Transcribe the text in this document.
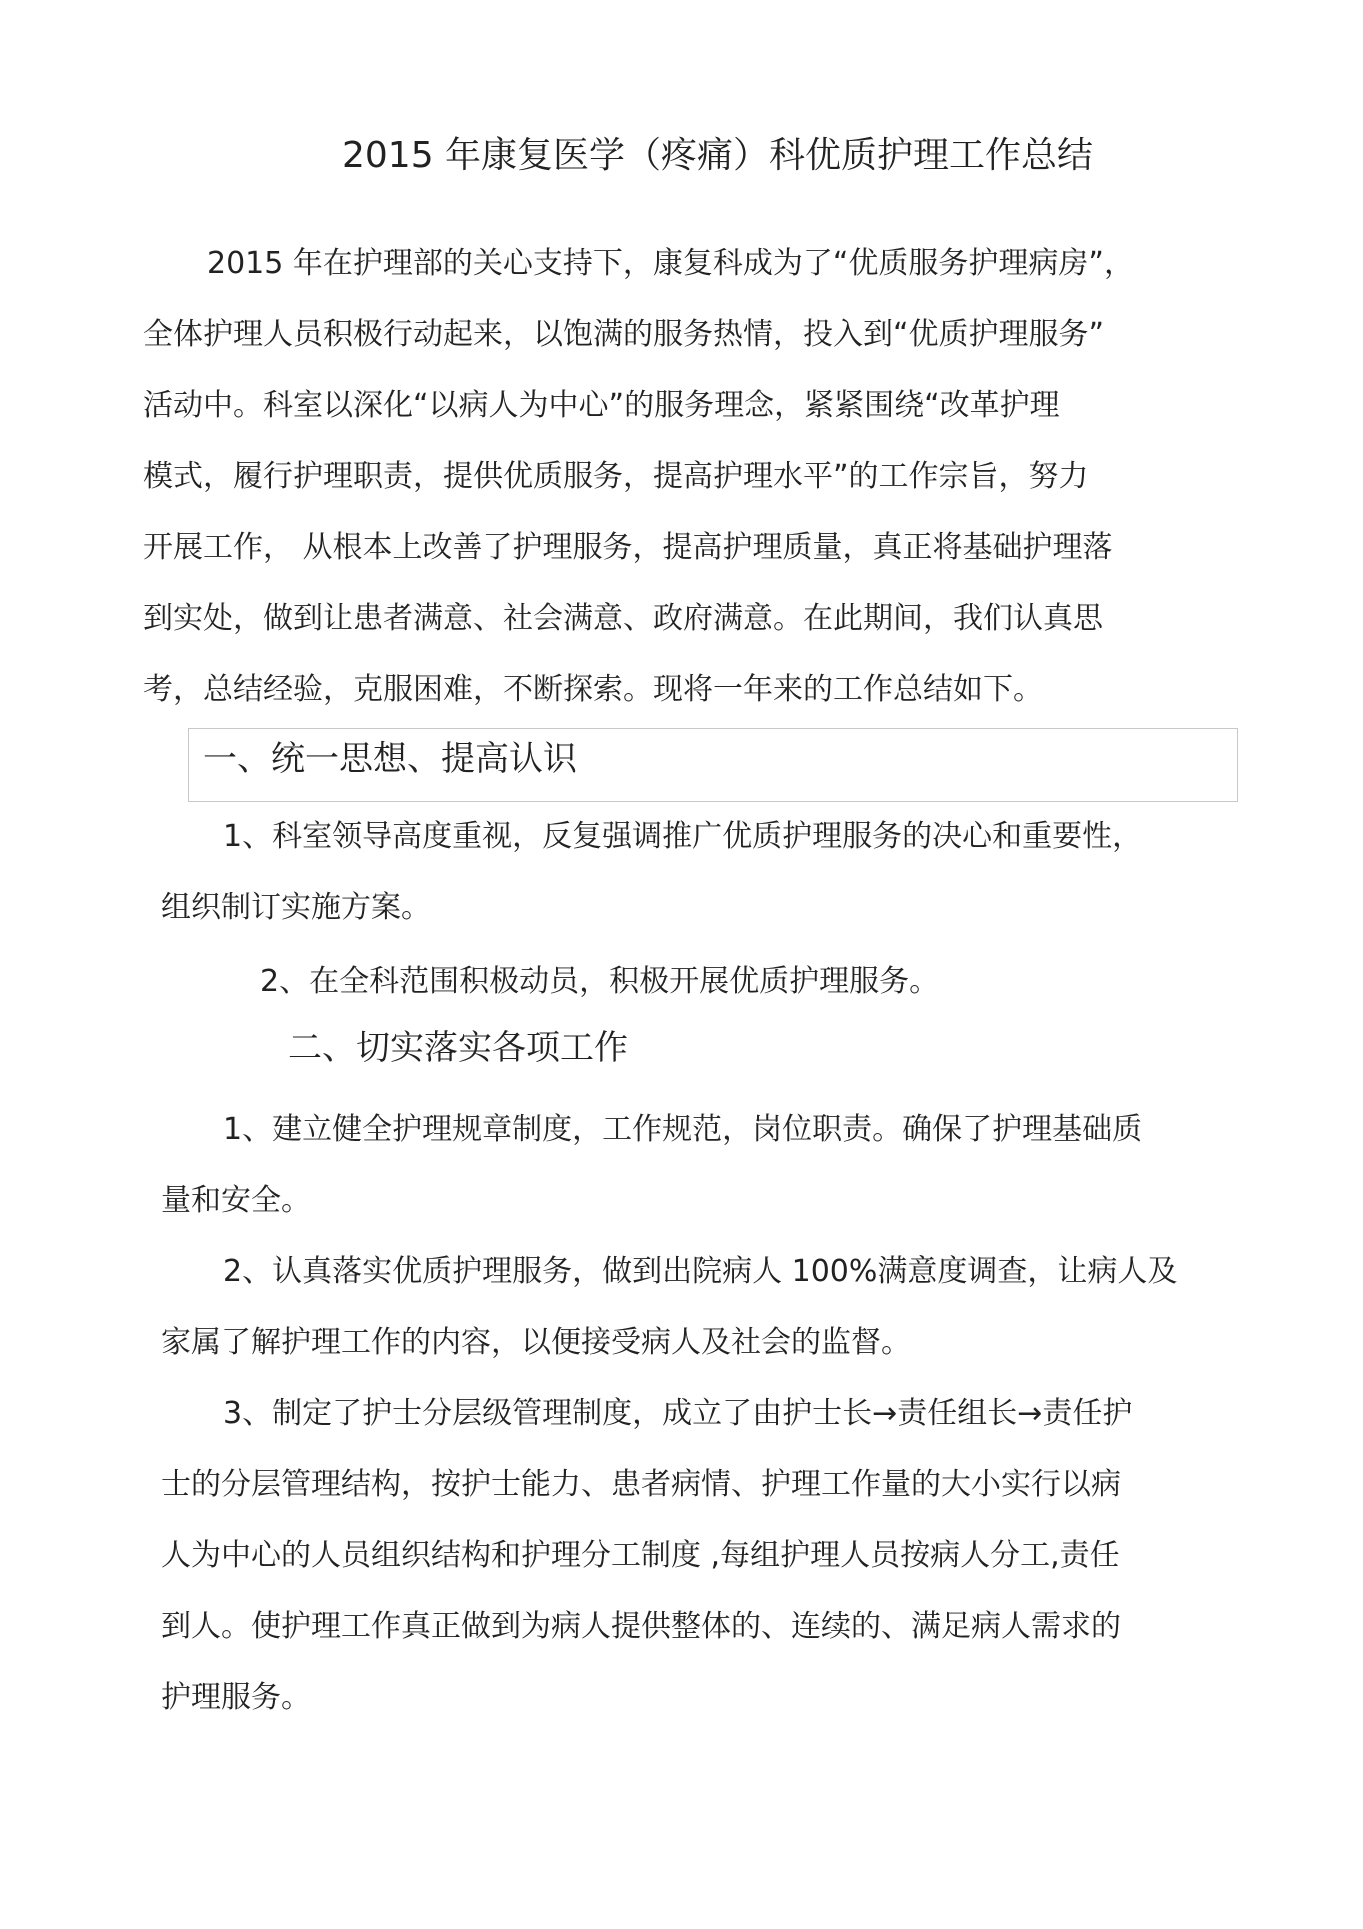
2015 年康复医学（疼痛）科优质护理工作总结
2015 年在护理部的关心支持下，康复科成为了“优质服务护理病房”，
全体护理人员积极行动起来，以饱满的服务热情，投入到“优质护理服务”
活动中。科室以深化“以病人为中心”的服务理念，紧紧围绕“改革护理
模式，履行护理职责，提供优质服务，提高护理水平”的工作宗旨，努力
开展工作， 从根本上改善了护理服务，提高护理质量，真正将基础护理落
到实处，做到让患者满意、社会满意、政府满意。在此期间，我们认真思
考，总结经验，克服困难，不断探索。现将一年来的工作总结如下。
一、统一思想、提高认识
1、科室领导高度重视，反复强调推广优质护理服务的决心和重要性，
组织制订实施方案。
2、在全科范围积极动员，积极开展优质护理服务。
二、切实落实各项工作
1、建立健全护理规章制度，工作规范，岗位职责。确保了护理基础质
量和安全。
2、认真落实优质护理服务，做到出院病人 100%满意度调查，让病人及
家属了解护理工作的内容，以便接受病人及社会的监督。
3、制定了护士分层级管理制度，成立了由护士长→责任组长→责任护
士的分层管理结构，按护士能力、患者病情、护理工作量的大小实行以病
人为中心的人员组织结构和护理分工制度 ,每组护理人员按病人分工,责任
到人。使护理工作真正做到为病人提供整体的、连续的、满足病人需求的
护理服务。
